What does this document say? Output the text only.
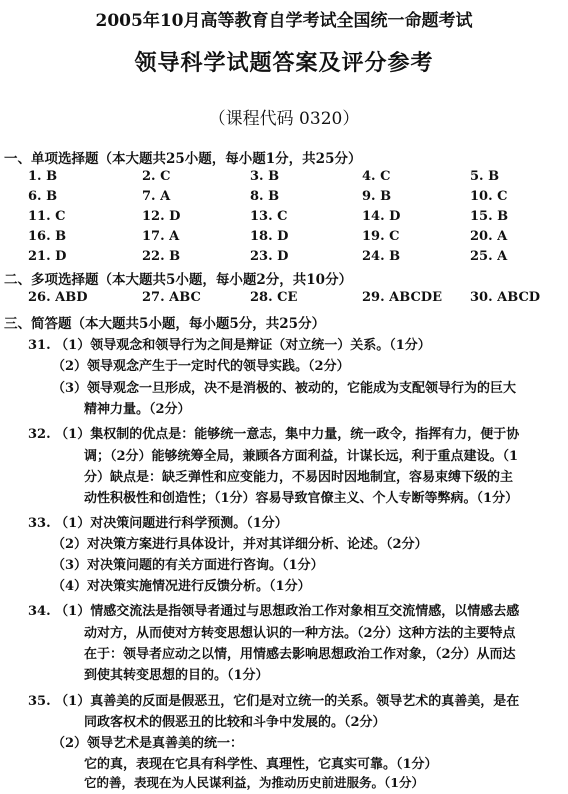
2005年10月高等教育自学考试全国统一命题考试
领导科学试题答案及评分参考
（课程代码 0320）
一、单项选择题（本大题共25小题，每小题1分，共25分）
1. B	2. C	3. B	4. C	5. B
6. B	7. A	8. B	9. B	10. C
11. C	12. D	13. C	14. D	15. B
16. B	17. A	18. D	19. C	20. A
21. D	22. B	23. D	24. B	25. A
二、多项选择题（本大题共5小题，每小题2分，共10分）
26. ABD	27. ABC	28. CE	29. ABCDE 30. ABCD
三、简答题（本大题共5小题，每小题5分，共25分）
31. （1）领导观念和领导行为之间是辩证（对立统一）关系。（1分）
（2）领导观念产生于一定时代的领导实践。（2分）
（3）领导观念一旦形成，决不是消极的、被动的，它能成为支配领导行为的巨大
精神力量。（2分）
32. （1）集权制的优点是：能够统一意志，集中力量，统一政令，指挥有力，便于协
调；（2分）能够统筹全局，兼顾各方面利益，计谋长远，利于重点建设。（1
分）缺点是：缺乏弹性和应变能力，不易因时因地制宜，容易束缚下级的主
动性积极性和创造性；（1分）容易导致官僚主义、个人专断等弊病。（1分）
33. （1）对决策问题进行科学预测。（1分）
（2）对决策方案进行具体设计，并对其详细分析、论述。（2分）
（3）对决策问题的有关方面进行咨询。（1分）
（4）对决策实施情况进行反馈分析。（1分）
34. （1）情感交流法是指领导者通过与思想政治工作对象相互交流情感，以情感去感
动对方，从而使对方转变思想认识的一种方法。（2分）这种方法的主要特点
在于：领导者应动之以情，用情感去影响思想政治工作对象，（2分）从而达
到使其转变思想的目的。（1分）
35. （1）真善美的反面是假恶丑，它们是对立统一的关系。领导艺术的真善美，是在
同政客权术的假恶丑的比较和斗争中发展的。（2分）
（2）领导艺术是真善美的统一：
它的真，表现在它具有科学性、真理性，它真实可靠。（1分）
它的善，表现在为人民谋利益，为推动历史前进服务。（1分）
